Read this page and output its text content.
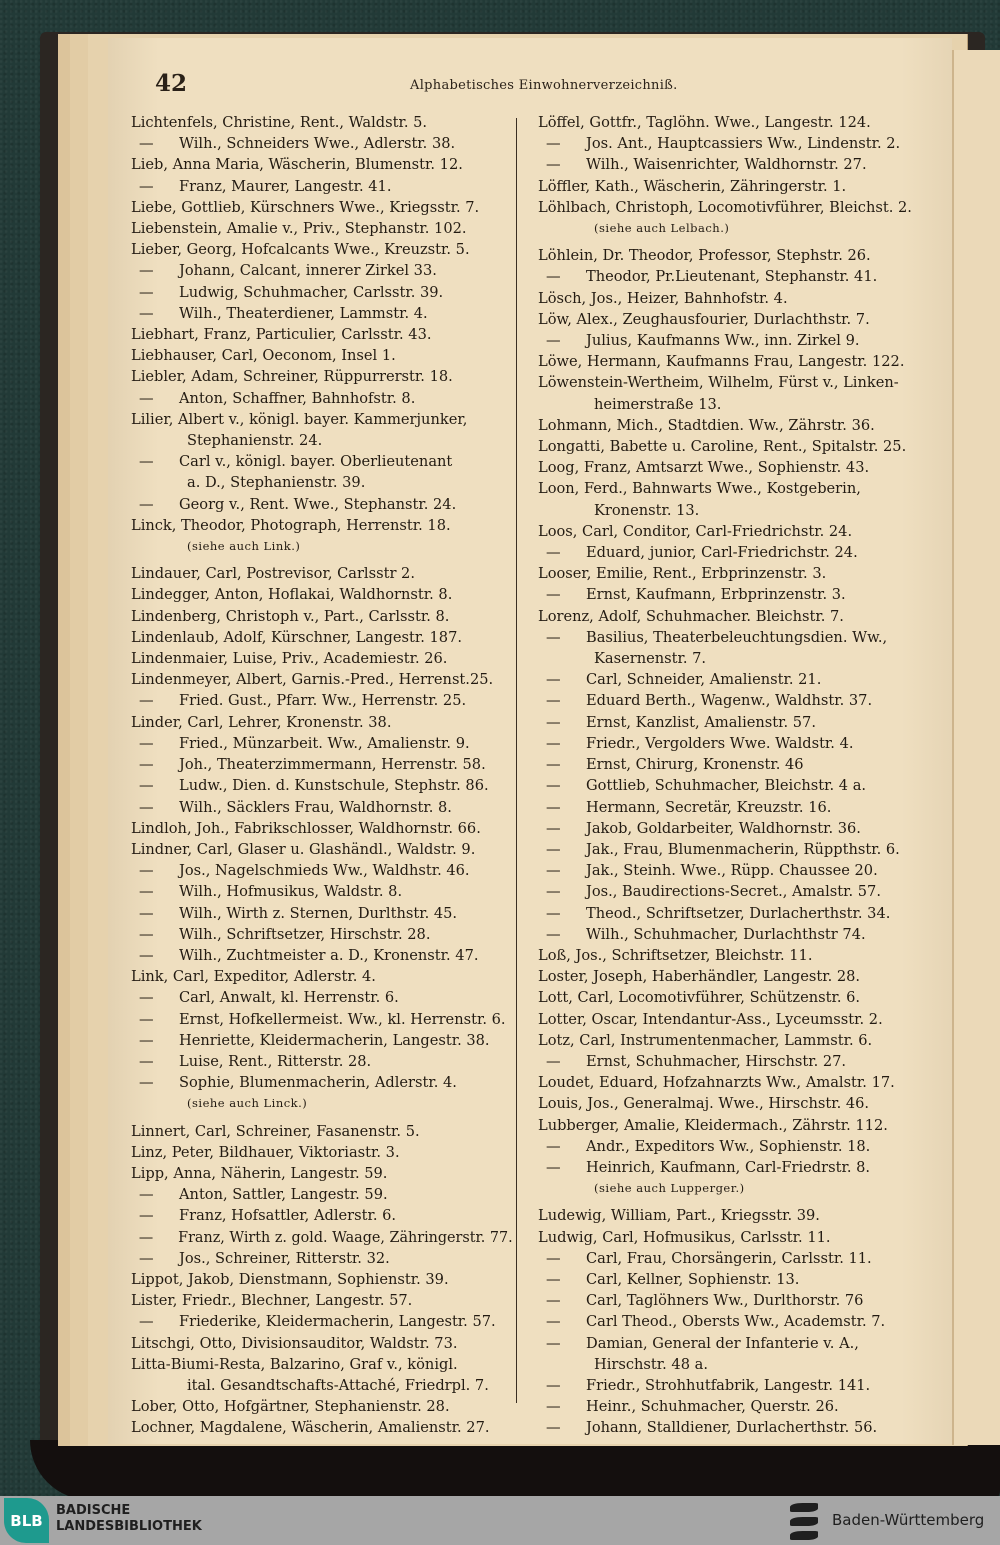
42	Alphabetisches Einwohnerverzeichniß.
Lichtenfels, Christine, Rent., Waldstr. 5.
— Wilh., Schneiders Wwe., Adlerstr. 38.
Lieb, Anna Maria, Wäscherin, Blumenstr. 12.
— Franz, Maurer, Langestr. 41.
Liebe, Gottlieb, Kürschners Wwe., Kriegsstr. 7.
Liebenstein, Amalie v., Priv., Stephanstr. 102.
Lieber, Georg, Hofcalcants Wwe., Kreuzstr. 5.
— Johann, Calcant, innerer Zirkel 33.
— Ludwig, Schuhmacher, Carlsstr. 39.
— Wilh., Theaterdiener, Lammstr. 4.
Liebhart, Franz, Particulier, Carlsstr. 43.
Liebhauser, Carl, Oeconom, Insel 1.
Liebler, Adam, Schreiner, Rüppurrerstr. 18.
— Anton, Schaffner, Bahnhofstr. 8.
Lilier, Albert v., königl. bayer. Kammerjunker,
Stephanienstr. 24.
— Carl v., königl. bayer. Oberlieutenant
a. D., Stephanienstr. 39.
— Georg v., Rent. Wwe., Stephanstr. 24.
Linck, Theodor, Photograph, Herrenstr. 18.
(siehe auch Link.)
Lindauer, Carl, Postrevisor, Carlsstr 2.
Lindegger, Anton, Hoflakai, Waldhornstr. 8.
Lindenberg, Christoph v., Part., Carlsstr. 8.
Lindenlaub, Adolf, Kürschner, Langestr. 187.
Lindenmaier, Luise, Priv., Academiestr. 26.
Lindenmeyer, Albert, Garnis.-Pred., Herrenst.25.
— Fried. Gust., Pfarr. Ww., Herrenstr. 25.
Linder, Carl, Lehrer, Kronenstr. 38.
— Fried., Münzarbeit. Ww., Amalienstr. 9.
— Joh., Theaterzimmermann, Herrenstr. 58.
— Ludw., Dien. d. Kunstschule, Stephstr. 86.
— Wilh., Säcklers Frau, Waldhornstr. 8.
Lindloh, Joh., Fabrikschlosser, Waldhornstr. 66.
Lindner, Carl, Glaser u. Glashändl., Waldstr. 9.
— Jos., Nagelschmieds Ww., Waldhstr. 46.
— Wilh., Hofmusikus, Waldstr. 8.
— Wilh., Wirth z. Sternen, Durlthstr. 45.
— Wilh., Schriftsetzer, Hirschstr. 28.
— Wilh., Zuchtmeister a. D., Kronenstr. 47.
Link, Carl, Expeditor, Adlerstr. 4.
— Carl, Anwalt, kl. Herrenstr. 6.
— Ernst, Hofkellermeist. Ww., kl. Herrenstr. 6.
— Henriette, Kleidermacherin, Langestr. 38.
— Luise, Rent., Ritterstr. 28.
— Sophie, Blumenmacherin, Adlerstr. 4.
(siehe auch Linck.)
Linnert, Carl, Schreiner, Fasanenstr. 5.
Linz, Peter, Bildhauer, Viktoriastr. 3.
Lipp, Anna, Näherin, Langestr. 59.
— Anton, Sattler, Langestr. 59.
— Franz, Hofsattler, Adlerstr. 6.
— Franz, Wirth z. gold. Waage, Zähringerstr. 77.
— Jos., Schreiner, Ritterstr. 32.
Lippot, Jakob, Dienstmann, Sophienstr. 39.
Lister, Friedr., Blechner, Langestr. 57.
— Friederike, Kleidermacherin, Langestr. 57.
Litschgi, Otto, Divisionsauditor, Waldstr. 73.
Litta-Biumi-Resta, Balzarino, Graf v., königl.
ital. Gesandtschafts-Attaché, Friedrpl. 7.
Lober, Otto, Hofgärtner, Stephanienstr. 28.
Lochner, Magdalene, Wäscherin, Amalienstr. 27.
Löffel, Gottfr., Taglöhn. Wwe., Langestr. 124.
— Jos. Ant., Hauptcassiers Ww., Lindenstr. 2.
— Wilh., Waisenrichter, Waldhornstr. 27.
Löffler, Kath., Wäscherin, Zähringerstr. 1.
Löhlbach, Christoph, Locomotivführer, Bleichst. 2.
(siehe auch Lelbach.)
Löhlein, Dr. Theodor, Professor, Stephstr. 26.
— Theodor, Pr.Lieutenant, Stephanstr. 41.
Lösch, Jos., Heizer, Bahnhofstr. 4.
Löw, Alex., Zeughausfourier, Durlachthstr. 7.
— Julius, Kaufmanns Ww., inn. Zirkel 9.
Löwe, Hermann, Kaufmanns Frau, Langestr. 122.
Löwenstein-Wertheim, Wilhelm, Fürst v., Linken-
heimerstraße 13.
Lohmann, Mich., Stadtdien. Ww., Zährstr. 36.
Longatti, Babette u. Caroline, Rent., Spitalstr. 25.
Loog, Franz, Amtsarzt Wwe., Sophienstr. 43.
Loon, Ferd., Bahnwarts Wwe., Kostgeberin,
Kronenstr. 13.
Loos, Carl, Conditor, Carl-Friedrichstr. 24.
— Eduard, junior, Carl-Friedrichstr. 24.
Looser, Emilie, Rent., Erbprinzenstr. 3.
— Ernst, Kaufmann, Erbprinzenstr. 3.
Lorenz, Adolf, Schuhmacher. Bleichstr. 7.
— Basilius, Theaterbeleuchtungsdien. Ww.,
Kasernenstr. 7.
— Carl, Schneider, Amalienstr. 21.
— Eduard Berth., Wagenw., Waldhstr. 37.
— Ernst, Kanzlist, Amalienstr. 57.
— Friedr., Vergolders Wwe. Waldstr. 4.
— Ernst, Chirurg, Kronenstr. 46
— Gottlieb, Schuhmacher, Bleichstr. 4 a.
— Hermann, Secretär, Kreuzstr. 16.
— Jakob, Goldarbeiter, Waldhornstr. 36.
— Jak., Frau, Blumenmacherin, Rüppthstr. 6.
— Jak., Steinh. Wwe., Rüpp. Chaussee 20.
— Jos., Baudirections-Secret., Amalstr. 57.
— Theod., Schriftsetzer, Durlacherthstr. 34.
— Wilh., Schuhmacher, Durlachthstr 74.
Loß, Jos., Schriftsetzer, Bleichstr. 11.
Loster, Joseph, Haberhändler, Langestr. 28.
Lott, Carl, Locomotivführer, Schützenstr. 6.
Lotter, Oscar, Intendantur-Ass., Lyceumsstr. 2.
Lotz, Carl, Instrumentenmacher, Lammstr. 6.
— Ernst, Schuhmacher, Hirschstr. 27.
Loudet, Eduard, Hofzahnarzts Ww., Amalstr. 17.
Louis, Jos., Generalmaj. Wwe., Hirschstr. 46.
Lubberger, Amalie, Kleidermach., Zährstr. 112.
— Andr., Expeditors Ww., Sophienstr. 18.
— Heinrich, Kaufmann, Carl-Friedrstr. 8.
(siehe auch Lupperger.)
Ludewig, William, Part., Kriegsstr. 39.
Ludwig, Carl, Hofmusikus, Carlsstr. 11.
— Carl, Frau, Chorsängerin, Carlsstr. 11.
— Carl, Kellner, Sophienstr. 13.
— Carl, Taglöhners Ww., Durlthorstr. 76
— Carl Theod., Obersts Ww., Academstr. 7.
— Damian, General der Infanterie v. A.,
Hirschstr. 48 a.
— Friedr., Strohhutfabrik, Langestr. 141.
— Heinr., Schuhmacher, Querstr. 26.
— Johann, Stalldiener, Durlacherthstr. 56.
BLB
BADISCHE
LANDESBIBLIOTHEK	Baden-Württemberg
